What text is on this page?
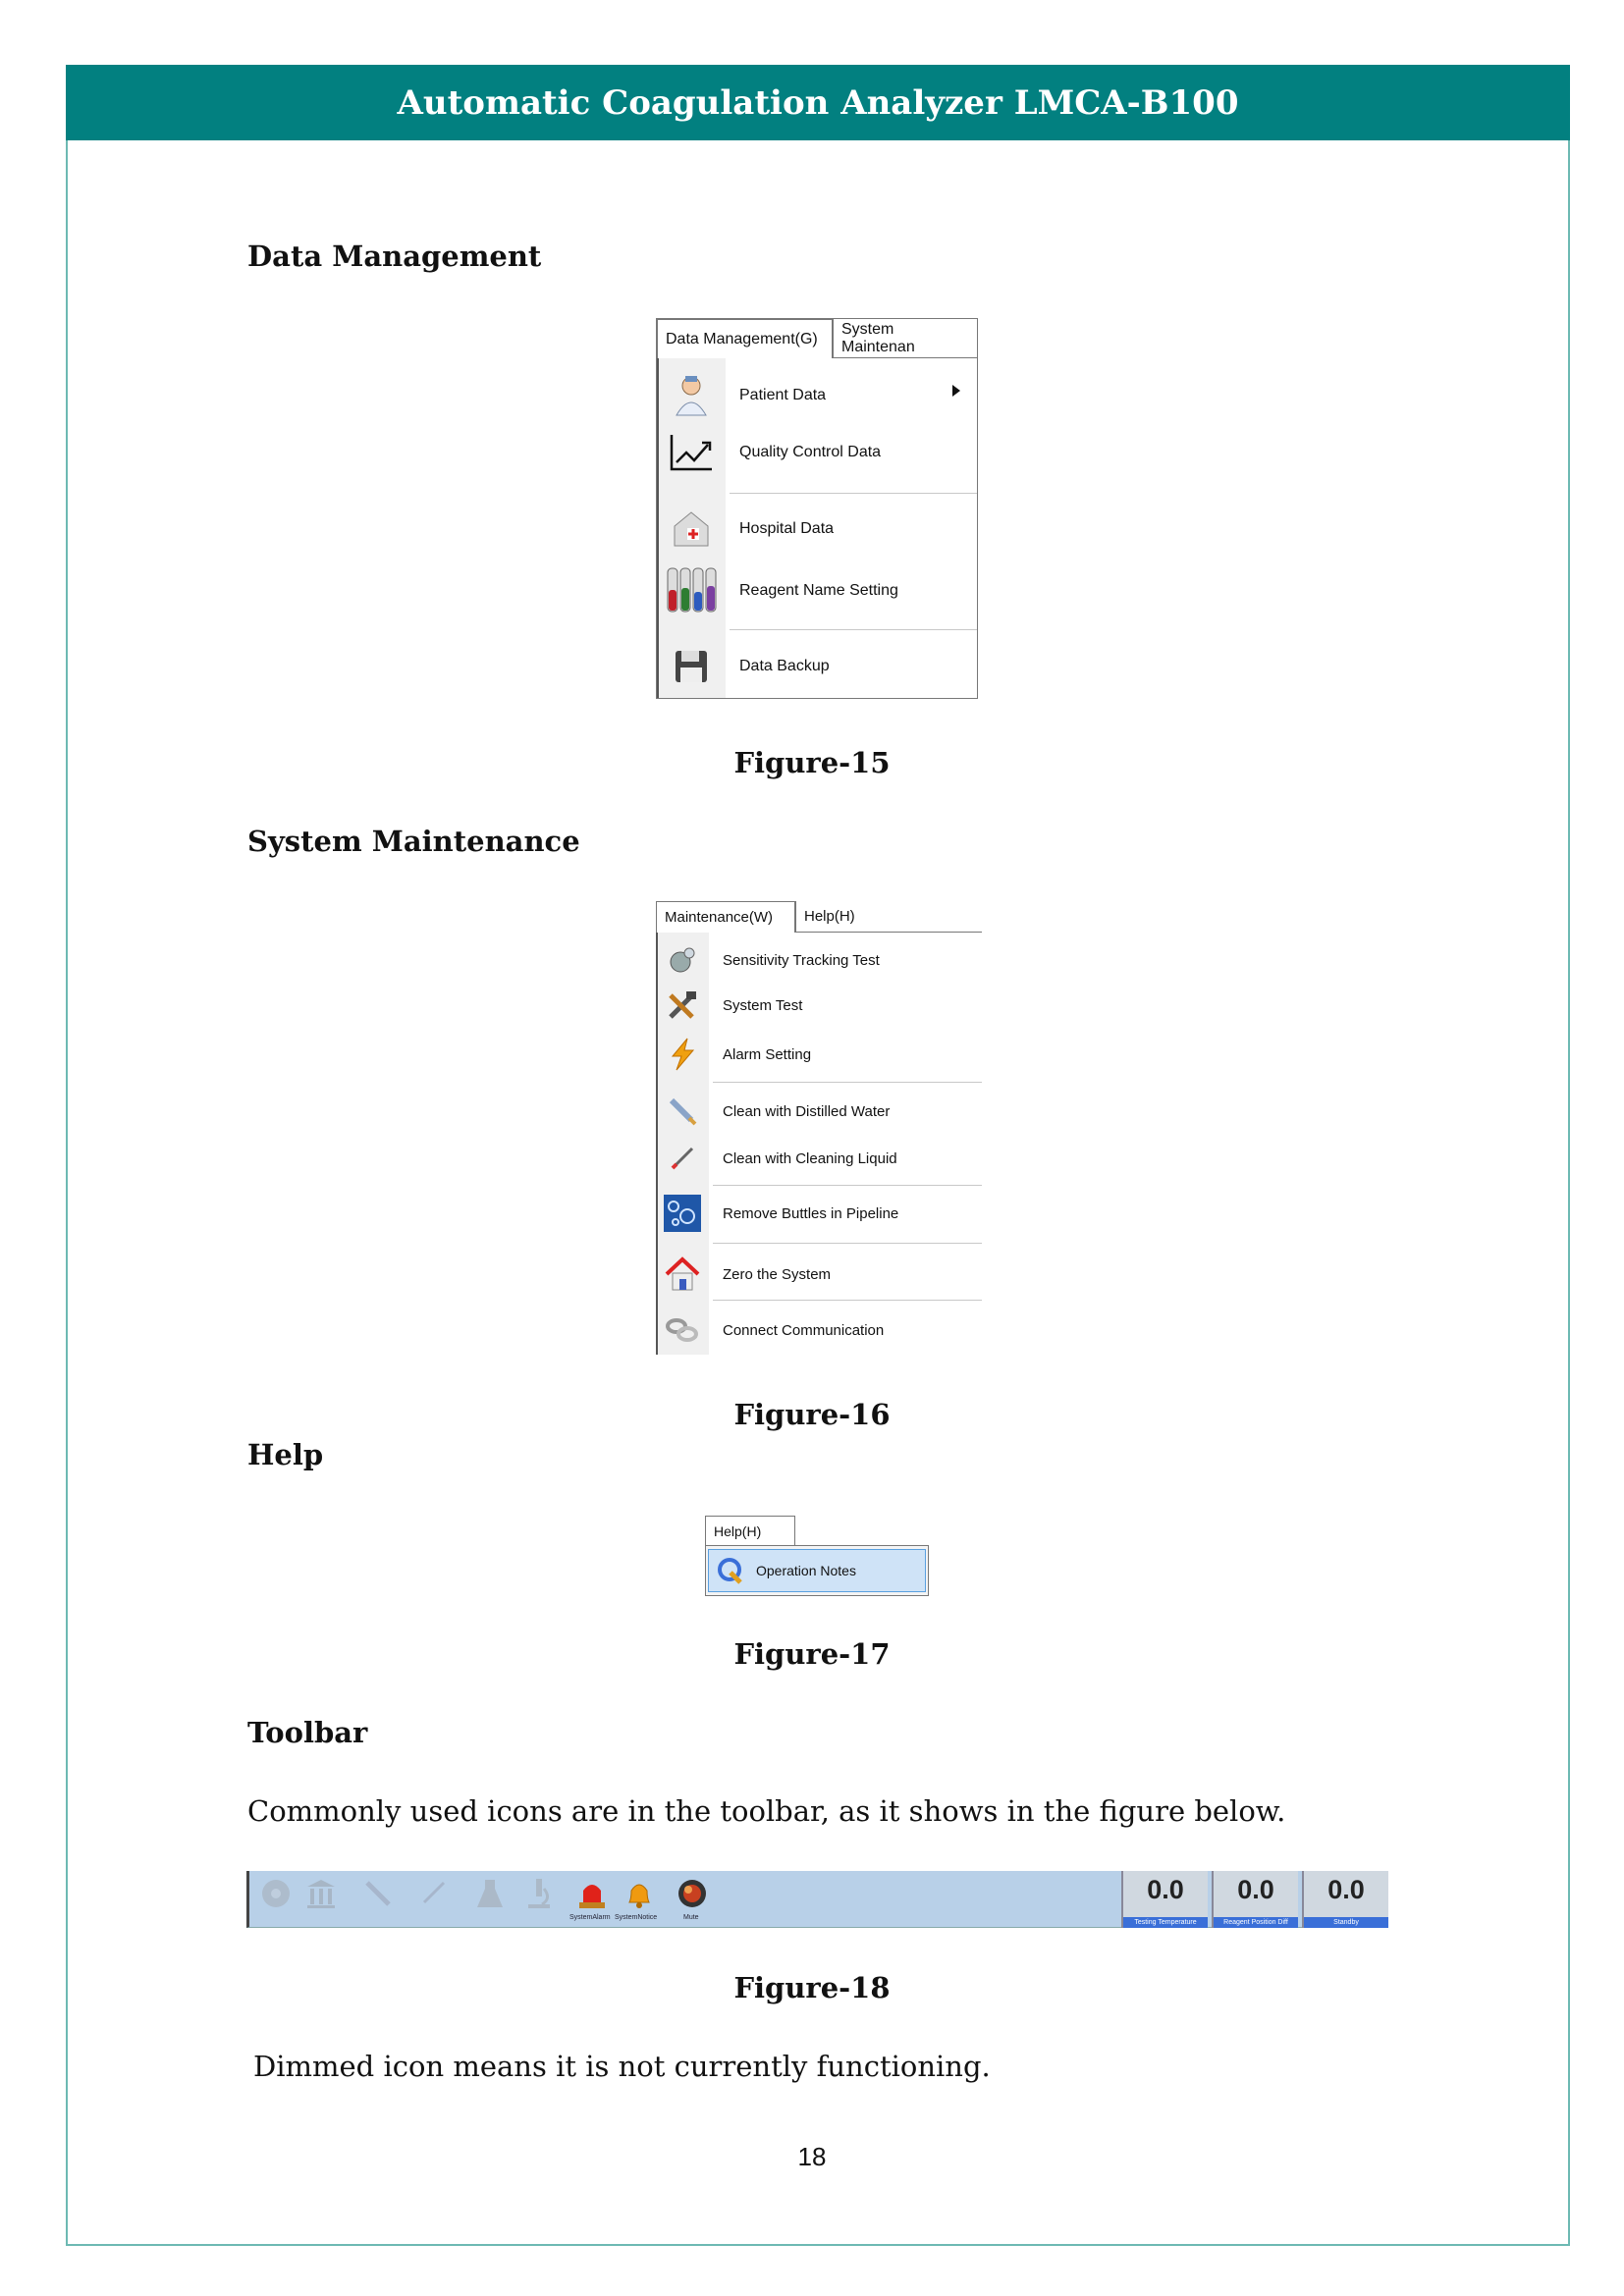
Automatic Coagulation Analyzer LMCA-B100
Data Management
Data Management(G)
System Maintenan
Patient Data
Quality Control Data
Hospital Data
Reagent Name Setting
Data Backup
Figure-15
System Maintenance
Maintenance(W)	Help(H)
Sensitivity Tracking Test
System Test
Alarm Setting
Clean with Distilled Water
Clean with Cleaning Liquid
Remove Buttles in Pipeline
Zero the System
Connect Communication
Figure-16
Help
Help(H)
Operation Notes
Figure-17
Toolbar
Commonly used icons are in the toolbar, as it shows in the figure below.
SystemAlarm SystemNotice	Mute
0.0
Testing Temperature
0.0
Reagent Position Diff
0.0
Standby
Figure-18
Dimmed icon means it is not currently functioning.
18
